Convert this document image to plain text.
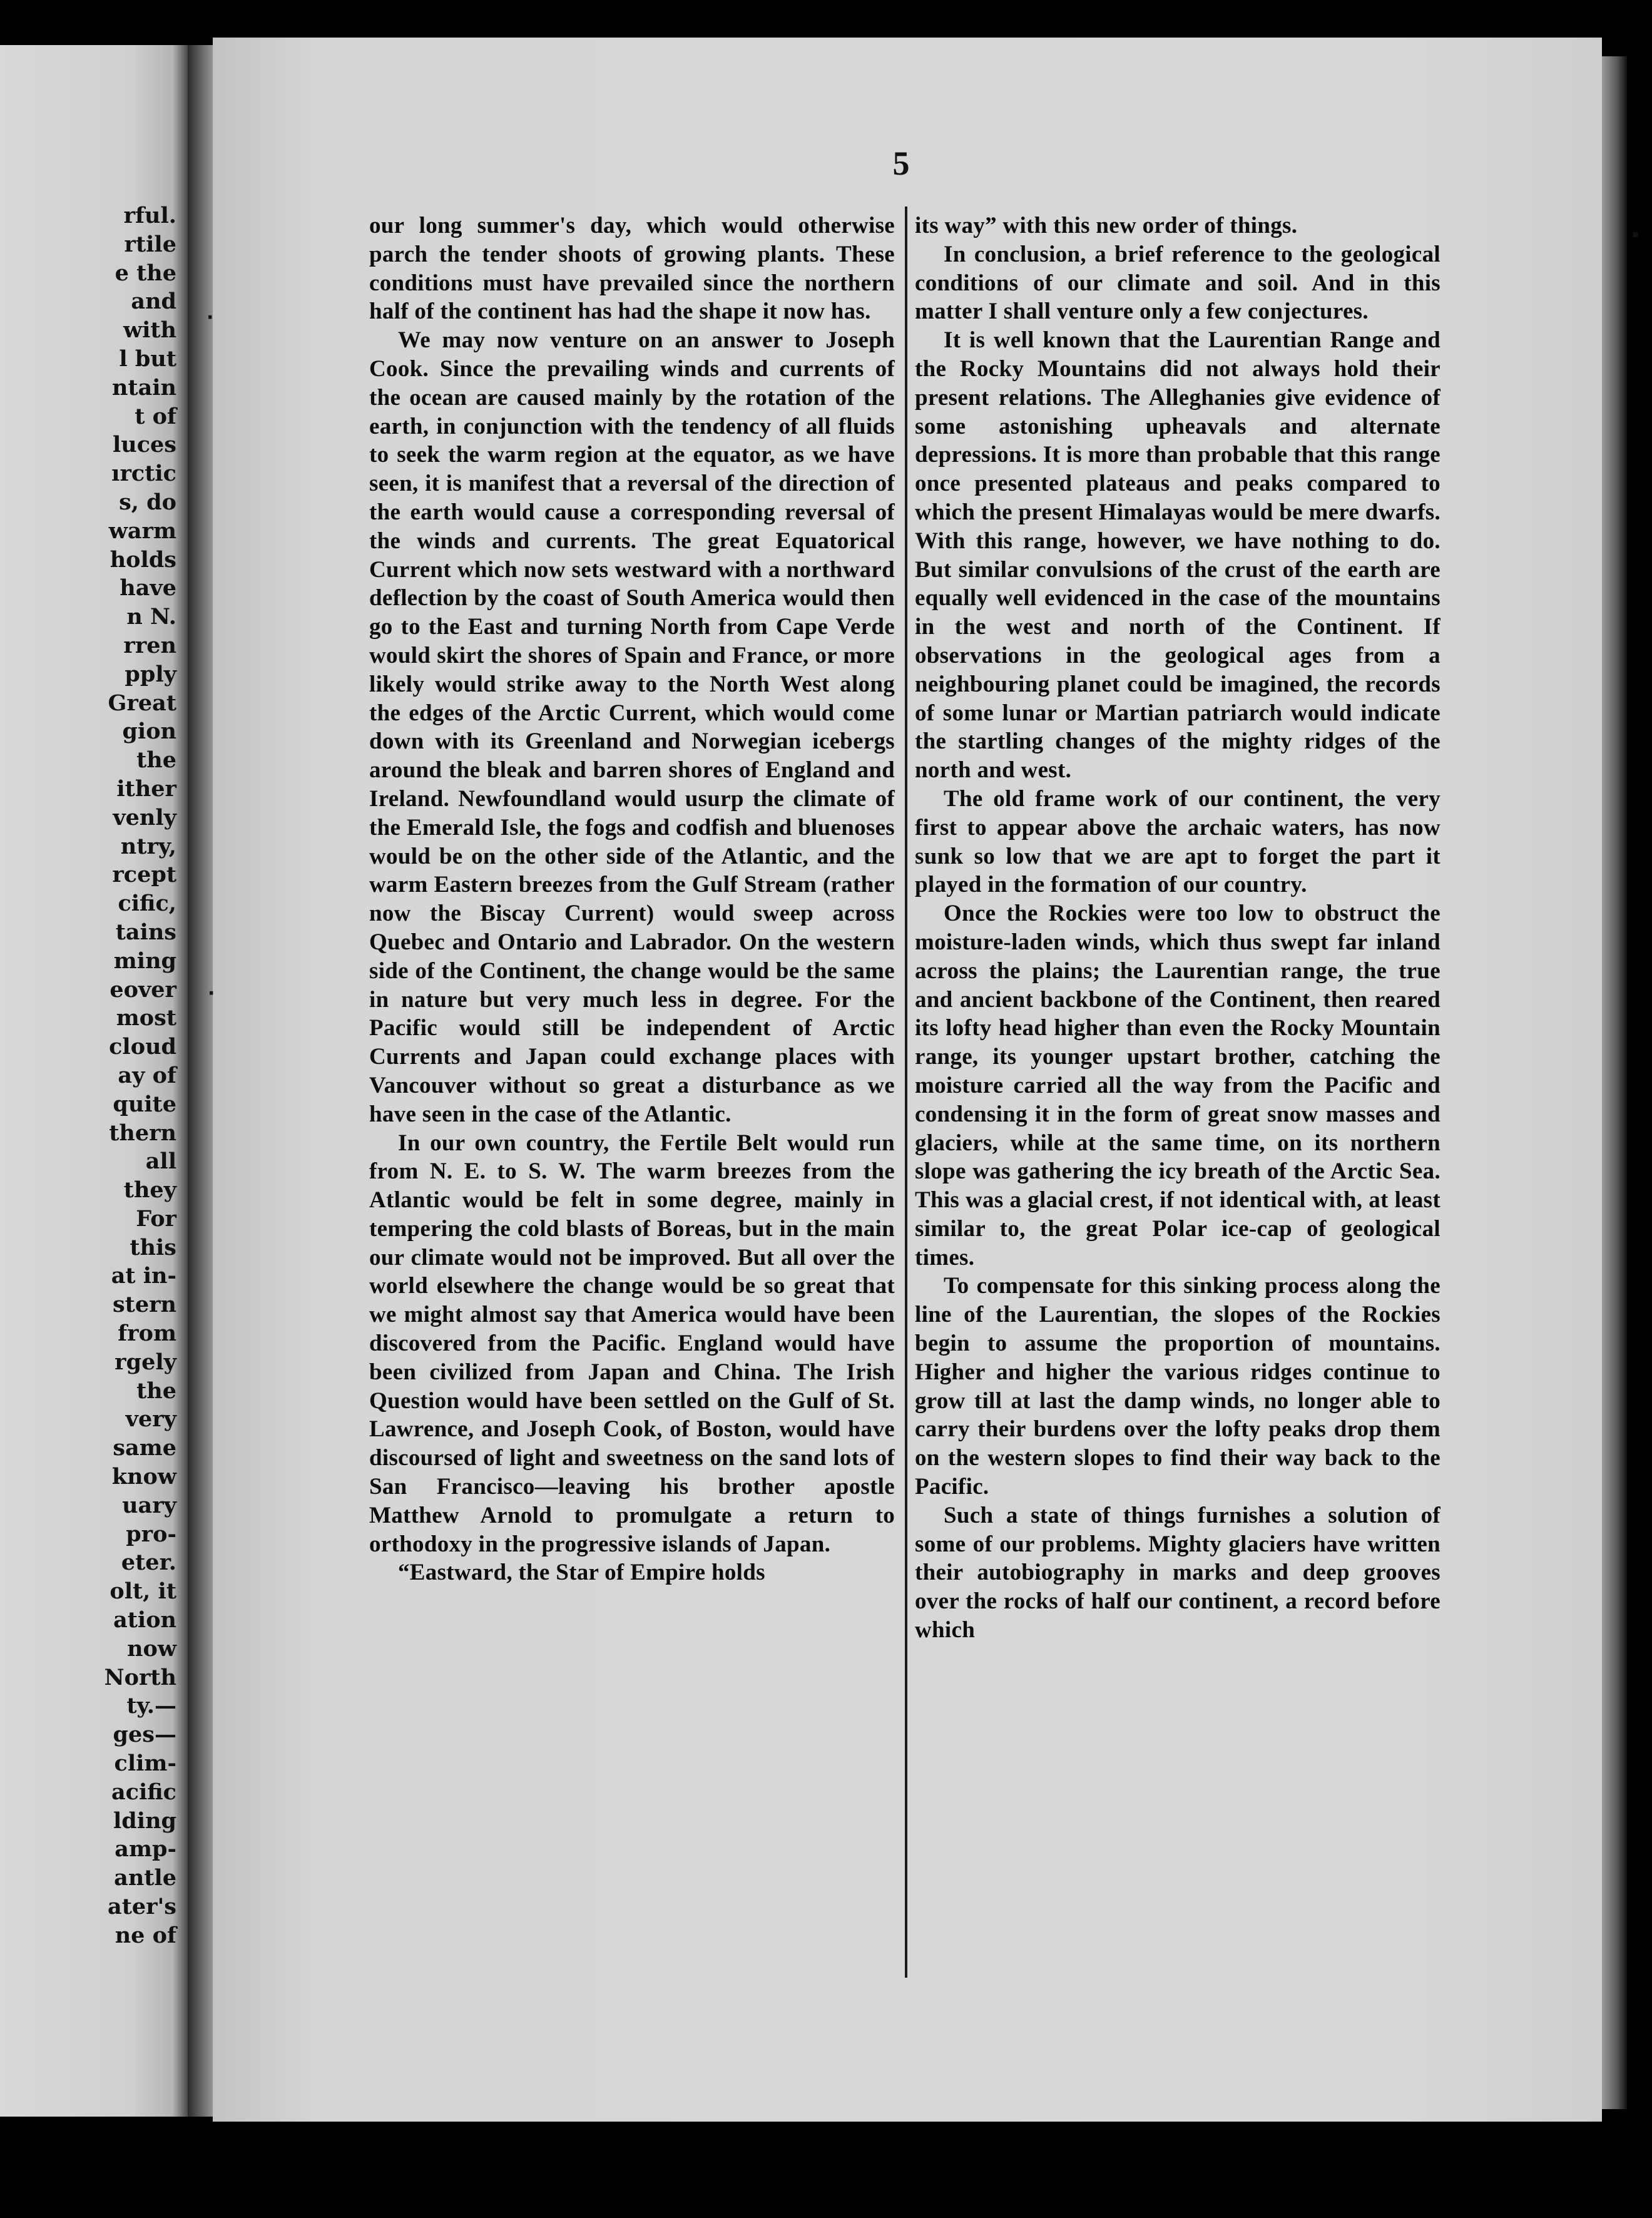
rful.
rtile
e the
and
with
l but
ntain
t of
luces
ırctic
s, do
warm
holds
have
n N.
rren
pply
Great
gion
the
ither
venly
ntry,
rcept
cific,
tains
ming
eover
most
cloud
ay of
quite
thern
all
they
For
this
at in-
stern
from
rgely
the
very
same
know
uary
pro-
eter.
olt, it
ation
now
North
ty.—
ges—
clim-
acific
lding
amp-
antle
ater's
ne of
5

our long summer's day, which would otherwise parch the tender shoots of growing plants. These conditions must have prevailed since the northern half of the continent has had the shape it now has.

We may now venture on an answer to Joseph Cook. Since the prevailing winds and currents of the ocean are caused mainly by the rotation of the earth, in conjunction with the tendency of all fluids to seek the warm region at the equator, as we have seen, it is manifest that a reversal of the direction of the earth would cause a corresponding reversal of the winds and currents. The great Equatorical Current which now sets westward with a northward deflection by the coast of South America would then go to the East and turning North from Cape Verde would skirt the shores of Spain and France, or more likely would strike away to the North West along the edges of the Arctic Current, which would come down with its Greenland and Norwegian icebergs around the bleak and barren shores of England and Ireland. Newfoundland would usurp the climate of the Emerald Isle, the fogs and codfish and bluenoses would be on the other side of the Atlantic, and the warm Eastern breezes from the Gulf Stream (rather now the Biscay Current) would sweep across Quebec and Ontario and Labrador. On the western side of the Continent, the change would be the same in nature but very much less in degree. For the Pacific would still be independent of Arctic Currents and Japan could exchange places with Vancouver without so great a disturbance as we have seen in the case of the Atlantic.

In our own country, the Fertile Belt would run from N. E. to S. W. The warm breezes from the Atlantic would be felt in some degree, mainly in tempering the cold blasts of Boreas, but in the main our climate would not be improved. But all over the world elsewhere the change would be so great that we might almost say that America would have been discovered from the Pacific. England would have been civilized from Japan and China. The Irish Question would have been settled on the Gulf of St. Lawrence, and Joseph Cook, of Boston, would have discoursed of light and sweetness on the sand lots of San Francisco—leaving his brother apostle Matthew Arnold to promulgate a return to orthodoxy in the progressive islands of Japan.

“Eastward, the Star of Empire holds

its way” with this new order of things.

In conclusion, a brief reference to the geological conditions of our climate and soil. And in this matter I shall venture only a few conjectures.

It is well known that the Laurentian Range and the Rocky Mountains did not always hold their present relations. The Alleghanies give evidence of some astonishing upheavals and alternate depressions. It is more than probable that this range once presented plateaus and peaks compared to which the present Himalayas would be mere dwarfs. With this range, however, we have nothing to do. But similar convulsions of the crust of the earth are equally well evidenced in the case of the mountains in the west and north of the Continent. If observations in the geological ages from a neighbouring planet could be imagined, the records of some lunar or Martian patriarch would indicate the startling changes of the mighty ridges of the north and west.

The old frame work of our continent, the very first to appear above the archaic waters, has now sunk so low that we are apt to forget the part it played in the formation of our country.

Once the Rockies were too low to obstruct the moisture-laden winds, which thus swept far inland across the plains; the Laurentian range, the true and ancient backbone of the Continent, then reared its lofty head higher than even the Rocky Mountain range, its younger upstart brother, catching the moisture carried all the way from the Pacific and condensing it in the form of great snow masses and glaciers, while at the same time, on its northern slope was gathering the icy breath of the Arctic Sea. This was a glacial crest, if not identical with, at least similar to, the great Polar ice-cap of geological times.

To compensate for this sinking process along the line of the Laurentian, the slopes of the Rockies begin to assume the proportion of mountains. Higher and higher the various ridges continue to grow till at last the damp winds, no longer able to carry their burdens over the lofty peaks drop them on the western slopes to find their way back to the Pacific.

Such a state of things furnishes a solution of some of our problems. Mighty glaciers have written their autobiography in marks and deep grooves over the rocks of half our continent, a record before which

·
·
·
